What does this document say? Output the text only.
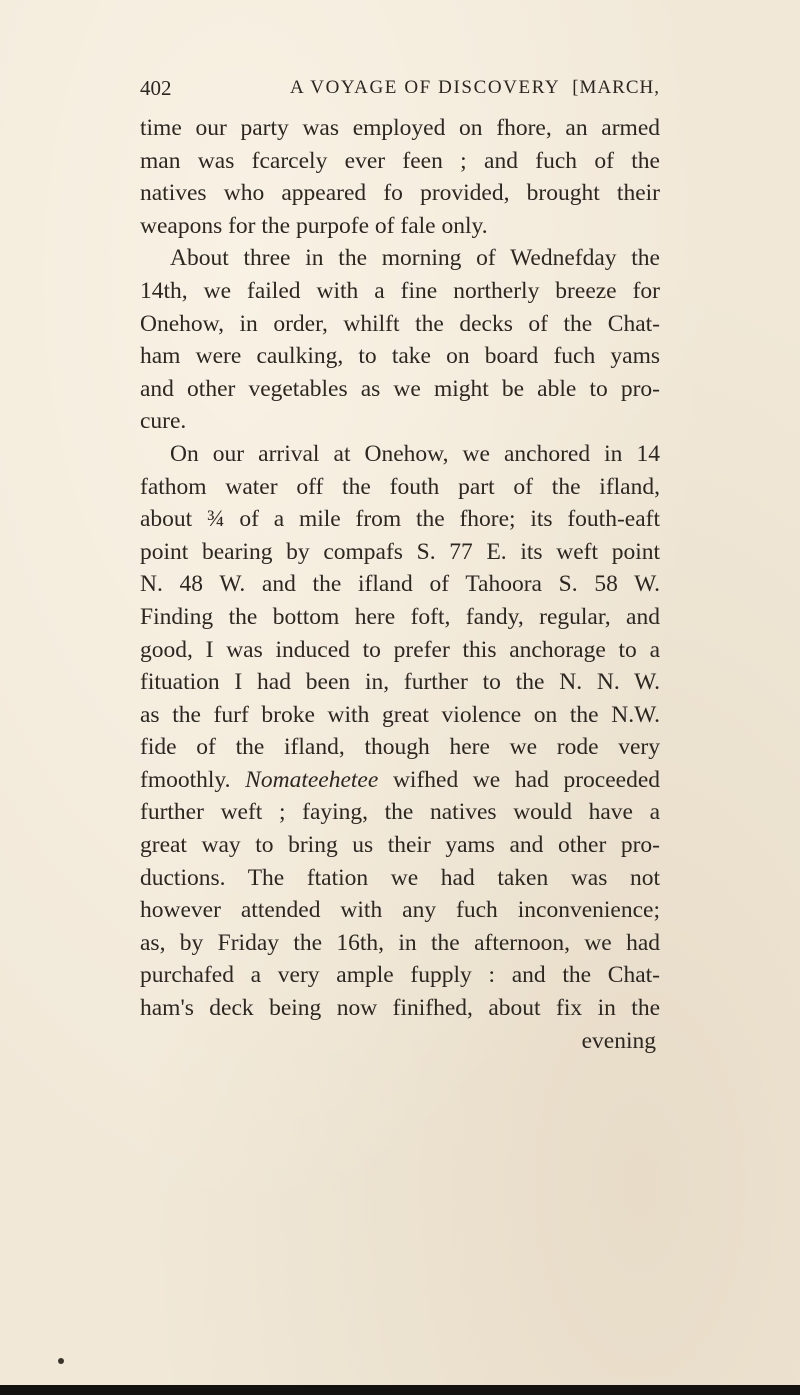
402	A VOYAGE OF DISCOVERY [MARCH,
time our party was employed on fhore, an armed
man was fcarcely ever feen ; and fuch of the
natives who appeared fo provided, brought their
weapons for the purpofe of fale only.
About three in the morning of Wednefday the
14th, we failed with a fine northerly breeze for
Onehow, in order, whilft the decks of the Chat-
ham were caulking, to take on board fuch yams
and other vegetables as we might be able to pro-
cure.
On our arrival at Onehow, we anchored in 14
fathom water off the fouth part of the ifland,
about ¾ of a mile from the fhore; its fouth-eaft
point bearing by compafs S. 77 E. its weft point
N. 48 W. and the ifland of Tahoora S. 58 W.
Finding the bottom here foft, fandy, regular, and
good, I was induced to prefer this anchorage to a
fituation I had been in, further to the N. N. W.
as the furf broke with great violence on the N.W.
fide of the ifland, though here we rode very
fmoothly. Nomateehetee wifhed we had proceeded
further weft ; faying, the natives would have a
great way to bring us their yams and other pro-
ductions. The ftation we had taken was not
however attended with any fuch inconvenience;
as, by Friday the 16th, in the afternoon, we had
purchafed a very ample fupply : and the Chat-
ham's deck being now finifhed, about fix in the
evening
